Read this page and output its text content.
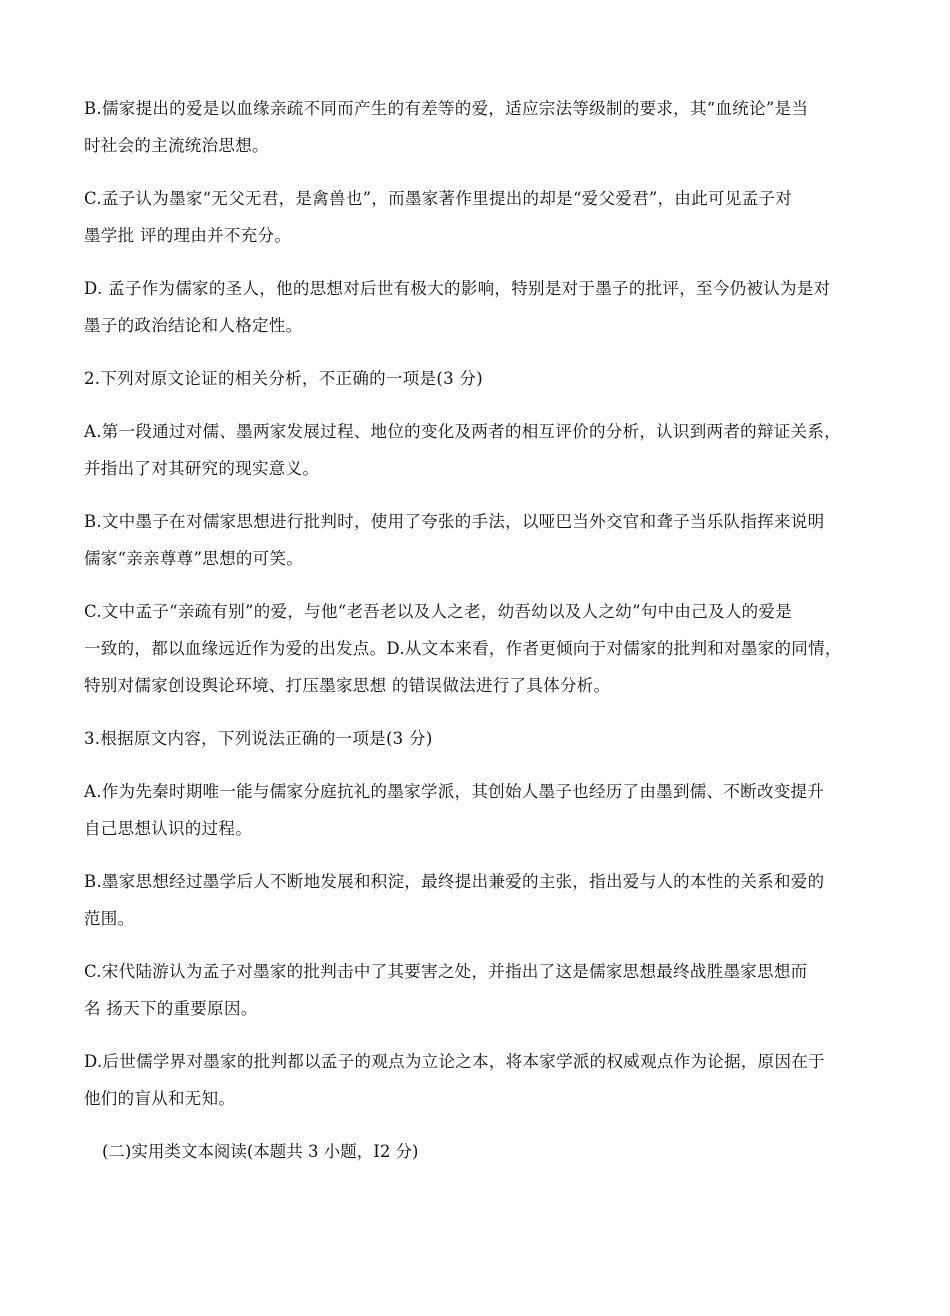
B.儒家提出的爱是以血缘亲疏不同而产生的有差等的爱，适应宗法等级制的要求，其“血统论”是当
时社会的主流统治思想。
C.孟子认为墨家“无父无君，是禽兽也”，而墨家著作里提出的却是“爱父爱君”，由此可见孟子对
墨学批 评的理由并不充分。
D. 孟子作为儒家的圣人，他的思想对后世有极大的影响，特别是对于墨子的批评，至今仍被认为是对
墨子的政治结论和人格定性。
2.下列对原文论证的相关分析，不正确的一项是(3 分)
A.第一段通过对儒、墨两家发展过程、地位的变化及两者的相互评价的分析，认识到两者的辩证关系，
并指出了对其研究的现实意义。
B.文中墨子在对儒家思想进行批判时，使用了夸张的手法，以哑巴当外交官和聋子当乐队指挥来说明
儒家“亲亲尊尊”思想的可笑。
C.文中孟子“亲疏有别”的爱，与他“老吾老以及人之老，幼吾幼以及人之幼”句中由己及人的爱是
一致的，都以血缘远近作为爱的出发点。D.从文本来看，作者更倾向于对儒家的批判和对墨家的同情，
特别对儒家创设舆论环境、打压墨家思想 的错误做法进行了具体分析。
3.根据原文内容，下列说法正确的一项是(3 分)
A.作为先秦时期唯一能与儒家分庭抗礼的墨家学派，其创始人墨子也经历了由墨到儒、不断改变提升
自己思想认识的过程。
B.墨家思想经过墨学后人不断地发展和积淀，最终提出兼爱的主张，指出爱与人的本性的关系和爱的
范围。
C.宋代陆游认为孟子对墨家的批判击中了其要害之处，并指出了这是儒家思想最终战胜墨家思想而
名 扬天下的重要原因。
D.后世儒学界对墨家的批判都以孟子的观点为立论之本，将本家学派的权威观点作为论据，原因在于
他们的盲从和无知。
(二)实用类文本阅读(本题共 3 小题，I2 分)
